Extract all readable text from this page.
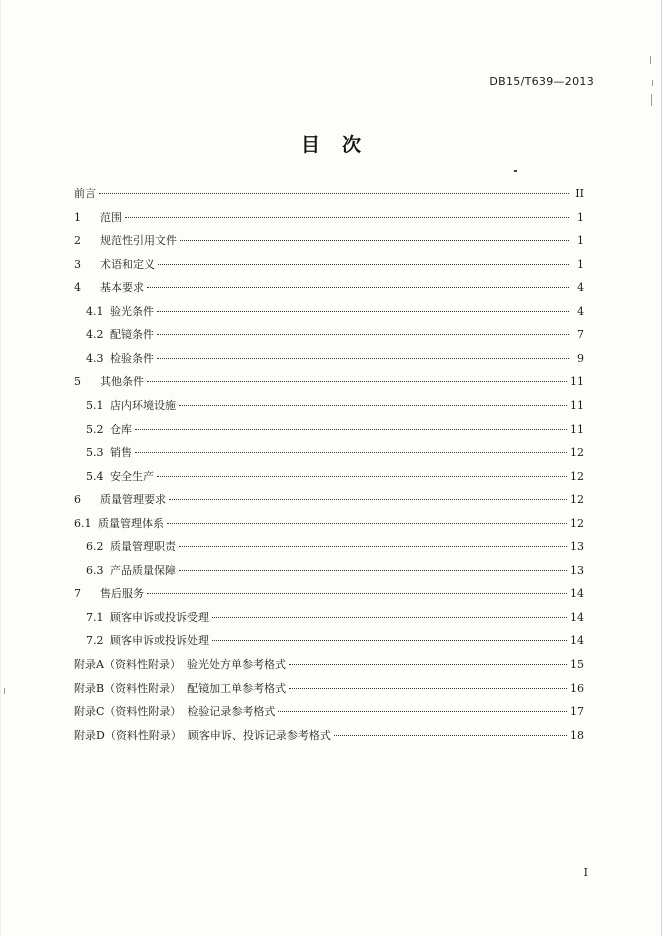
DB15/T639—2013
目次
前言	II
1	范围	1
2	规范性引用文件	1
3	术语和定义	1
4	基本要求	4
4.1 验光条件	4
4.2 配镜条件	7
4.3 检验条件	9
5	其他条件	11
5.1 店内环境设施	11
5.2 仓库	11
5.3 销售	12
5.4 安全生产	12
6	质量管理要求	12
6.1 质量管理体系	12
6.2 质量管理职责	13
6.3 产品质量保障	13
7	售后服务	14
7.1 顾客申诉或投诉受理	14
7.2 顾客申诉或投诉处理	14
附录A（资料性附录） 验光处方单参考格式	15
附录B（资料性附录） 配镜加工单参考格式	16
附录C（资料性附录） 检验记录参考格式	17
附录D（资料性附录） 顾客申诉、投诉记录参考格式	18
I
